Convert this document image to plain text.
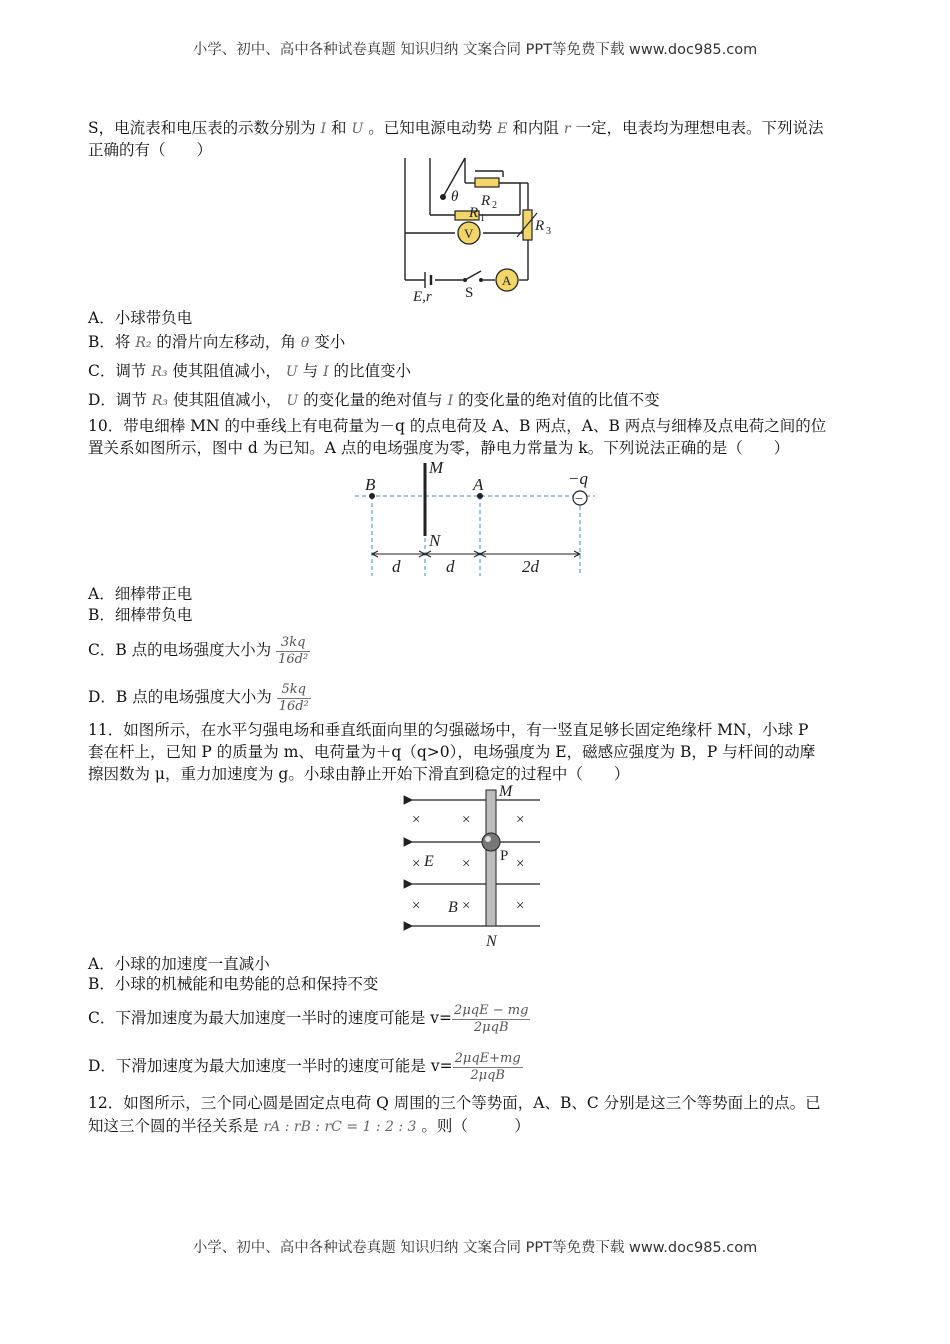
小学、初中、高中各种试卷真题 知识归纳 文案合同 PPT等免费下载 www.doc985.com
S，电流表和电压表的示数分别为 I 和 U 。已知电源电动势 E 和内阻 r 一定，电表均为理想电表。下列说法
正确的有（　　）
θ R 2
R 1	R 3
E,r
V
A
S
A．小球带负电
B．将 R₂ 的滑片向左移动，角 θ 变小
C．调节 R₃ 使其阻值减小， U 与 I 的比值变小
D．调节 R₃ 使其阻值减小， U 的变化量的绝对值与 I 的变化量的绝对值的比值不变
10．带电细棒 MN 的中垂线上有电荷量为－q 的点电荷及 A、B 两点，A、B 两点与细棒及点电荷之间的位
置关系如图所示，图中 d 为已知。A 点的电场强度为零，静电力常量为 k。下列说法正确的是（　　）
−
M
N
B	A	−q
d	d	2d
A．细棒带正电
B．细棒带负电
C．B 点的电场强度大小为 $\frac{3kq}{\text{16d²}}$
D．B 点的电场强度大小为 $\frac{5kq}{\text{16d²}}$
11．如图所示，在水平匀强电场和垂直纸面向里的匀强磁场中，有一竖直足够长固定绝缘杆 MN，小球 P
套在杆上，已知 P 的质量为 m、电荷量为＋q（q>0），电场强度为 E，磁感应强度为 B，P 与杆间的动摩
擦因数为 μ，重力加速度为 g。小球由静止开始下滑直到稳定的过程中（　　）
×	×	×
×	×	×
×	×	×
M
N
E
B
P
A．小球的加速度一直减小
B．小球的机械能和电势能的总和保持不变
C．下滑加速度为最大加速度一半时的速度可能是 $v= \frac{\text{2μqE − mg}}{\text{2μqB}}$
D．下滑加速度为最大加速度一半时的速度可能是 $v= \frac{\text{2μqE+mg}}{\text{2μqB}}$
12．如图所示，三个同心圆是固定点电荷 Q 周围的三个等势面，A、B、C 分别是这三个等势面上的点。已
知这三个圆的半径关系是 rA : rB : rC = 1 : 2 : 3 。则（　　　）
小学、初中、高中各种试卷真题 知识归纳 文案合同 PPT等免费下载 www.doc985.com
